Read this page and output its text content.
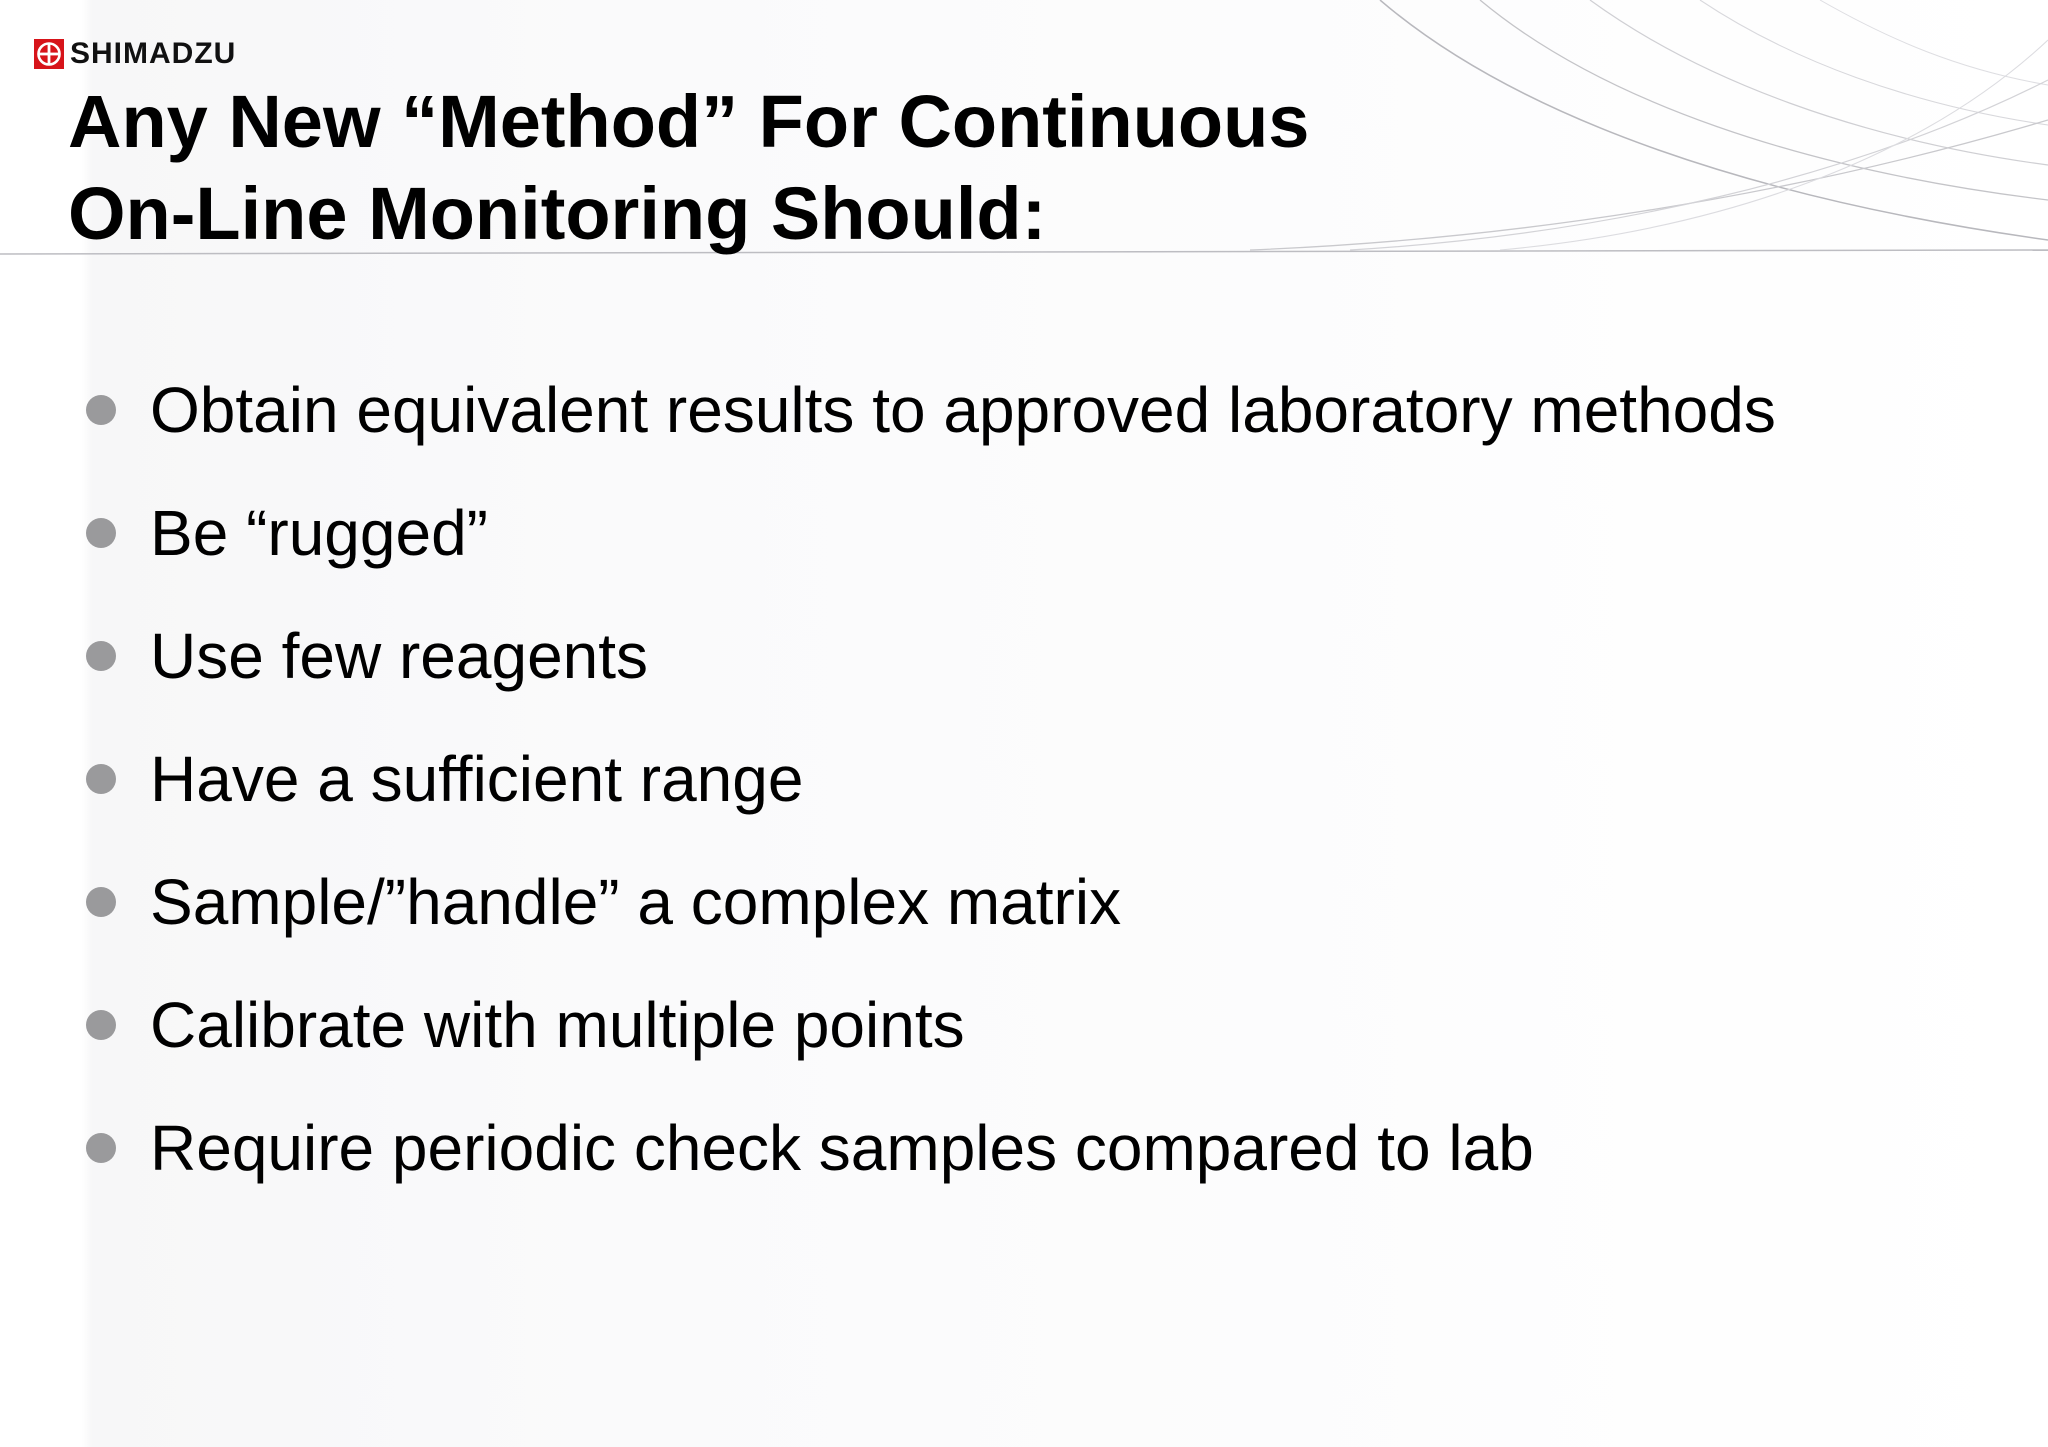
SHIMADZU
Any New “Method” For Continuous
On-Line Monitoring Should:
Obtain equivalent results to approved laboratory methods
Be “rugged”
Use few reagents
Have a sufficient range
Sample/”handle” a complex matrix
Calibrate with multiple points
Require periodic check samples compared to lab
